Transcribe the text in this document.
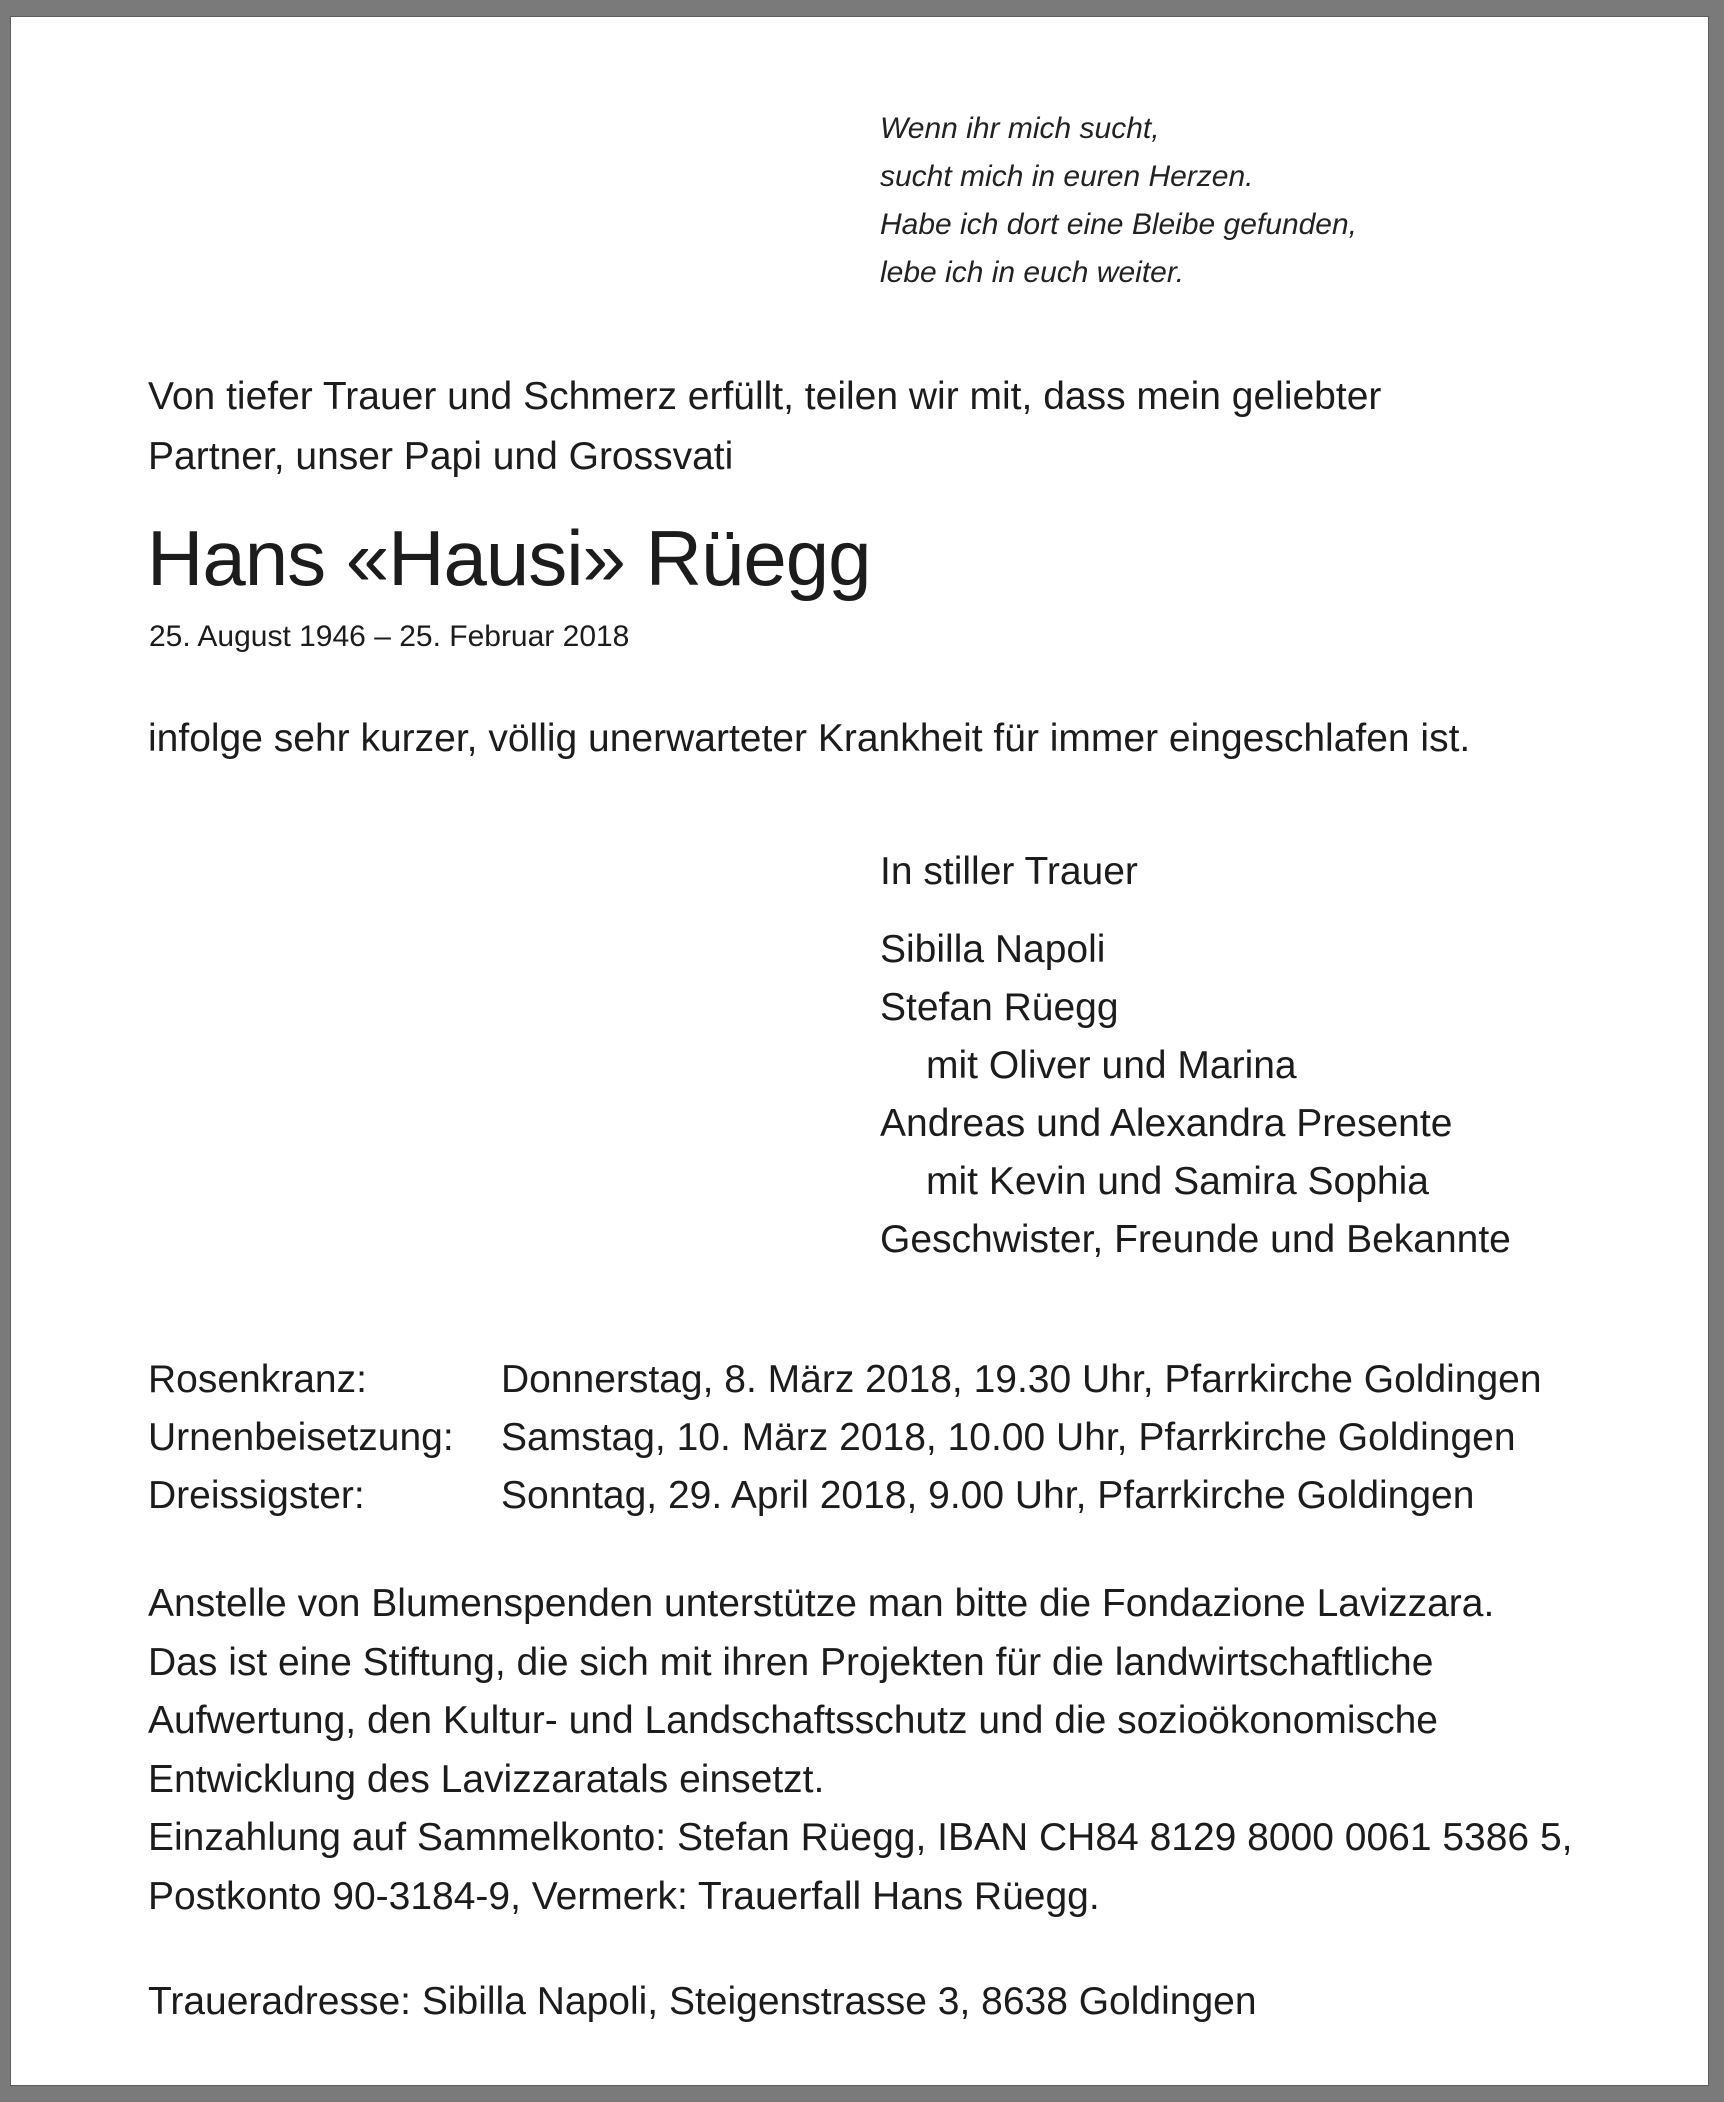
Wenn ihr mich sucht,
sucht mich in euren Herzen.
Habe ich dort eine Bleibe gefunden,
lebe ich in euch weiter.
Von tiefer Trauer und Schmerz erfüllt, teilen wir mit, dass mein geliebter
Partner, unser Papi und Grossvati
Hans «Hausi» Rüegg
25. August 1946 – 25. Februar 2018
infolge sehr kurzer, völlig unerwarteter Krankheit für immer eingeschlafen ist.
In stiller Trauer
Sibilla Napoli
Stefan Rüegg
mit Oliver und Marina
Andreas und Alexandra Presente
mit Kevin und Samira Sophia
Geschwister, Freunde und Bekannte
Rosenkranz:	Donnerstag, 8. März 2018, 19.30 Uhr, Pfarrkirche Goldingen
Urnenbeisetzung:	Samstag, 10. März 2018, 10.00 Uhr, Pfarrkirche Goldingen
Dreissigster:	Sonntag, 29. April 2018, 9.00 Uhr, Pfarrkirche Goldingen
Anstelle von Blumenspenden unterstütze man bitte die Fondazione Lavizzara.
Das ist eine Stiftung, die sich mit ihren Projekten für die landwirtschaftliche
Aufwertung, den Kultur- und Landschaftsschutz und die sozioökonomische
Entwicklung des Lavizzaratals einsetzt.
Einzahlung auf Sammelkonto: Stefan Rüegg, IBAN CH84 8129 8000 0061 5386 5,
Postkonto 90-3184-9, Vermerk: Trauerfall Hans Rüegg.
Traueradresse: Sibilla Napoli, Steigenstrasse 3, 8638 Goldingen
